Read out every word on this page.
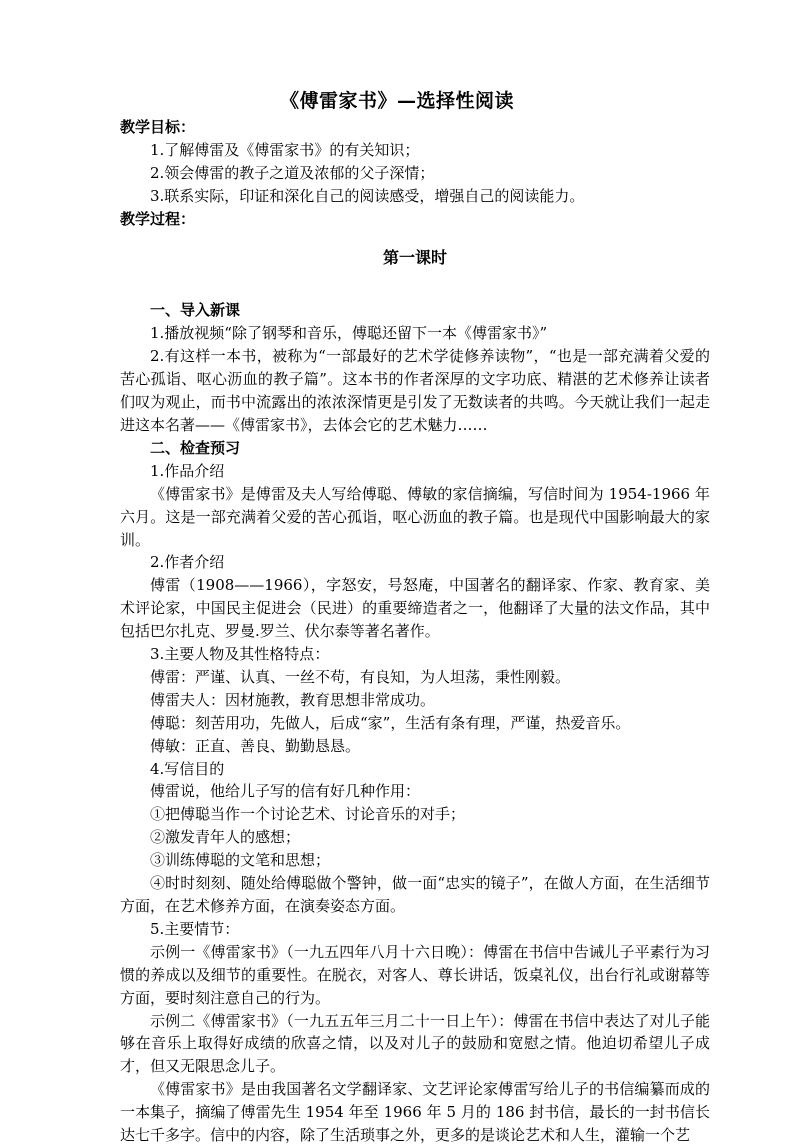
《傅雷家书》—选择性阅读

教学目标：

1.了解傅雷及《傅雷家书》的有关知识；

2.领会傅雷的教子之道及浓郁的父子深情；

3.联系实际，印证和深化自己的阅读感受，增强自己的阅读能力。

教学过程：

第一课时

一、导入新课

1.播放视频“除了钢琴和音乐，傅聪还留下一本《傅雷家书》”

2.有这样一本书，被称为“一部最好的艺术学徒修养读物”，“也是一部充满着父爱的苦心孤诣、呕心沥血的教子篇”。这本书的作者深厚的文字功底、精湛的艺术修养让读者们叹为观止，而书中流露出的浓浓深情更是引发了无数读者的共鸣。今天就让我们一起走进这本名著——《傅雷家书》，去体会它的艺术魅力……

二、检查预习

1.作品介绍

《傅雷家书》是傅雷及夫人写给傅聪、傅敏的家信摘编，写信时间为 1954-1966 年六月。这是一部充满着父爱的苦心孤诣，呕心沥血的教子篇。也是现代中国影响最大的家训。

2.作者介绍

傅雷（1908——1966），字怒安，号怒庵，中国著名的翻译家、作家、教育家、美术评论家，中国民主促进会（民进）的重要缔造者之一，他翻译了大量的法文作品，其中包括巴尔扎克、罗曼.罗兰、伏尔泰等著名著作。

3.主要人物及其性格特点：

傅雷：严谨、认真、一丝不苟，有良知，为人坦荡，秉性刚毅。

傅雷夫人：因材施教，教育思想非常成功。

傅聪：刻苦用功，先做人，后成“家”，生活有条有理，严谨，热爱音乐。

傅敏：正直、善良、勤勤恳恳。

4.写信目的

傅雷说，他给儿子写的信有好几种作用：

①把傅聪当作一个讨论艺术、讨论音乐的对手；

②激发青年人的感想；

③训练傅聪的文笔和思想；

④时时刻刻、随处给傅聪做个警钟，做一面“忠实的镜子”，在做人方面，在生活细节方面，在艺术修养方面，在演奏姿态方面。

5.主要情节：

示例一《傅雷家书》（一九五四年八月十六日晚）：傅雷在书信中告诫儿子平素行为习惯的养成以及细节的重要性。在脱衣，对客人、尊长讲话，饭桌礼仪，出台行礼或谢幕等方面，要时刻注意自己的行为。

示例二《傅雷家书》（一九五五年三月二十一日上午）：傅雷在书信中表达了对儿子能够在音乐上取得好成绩的欣喜之情，以及对儿子的鼓励和宽慰之情。他迫切希望儿子成才，但又无限思念儿子。

《傅雷家书》是由我国著名文学翻译家、文艺评论家傅雷写给儿子的书信编纂而成的一本集子，摘编了傅雷先生 1954 年至 1966 年 5 月的 186 封书信，最长的一封书信长达七千多字。信中的内容，除了生活琐事之外，更多的是谈论艺术和人生，灌输一个艺
